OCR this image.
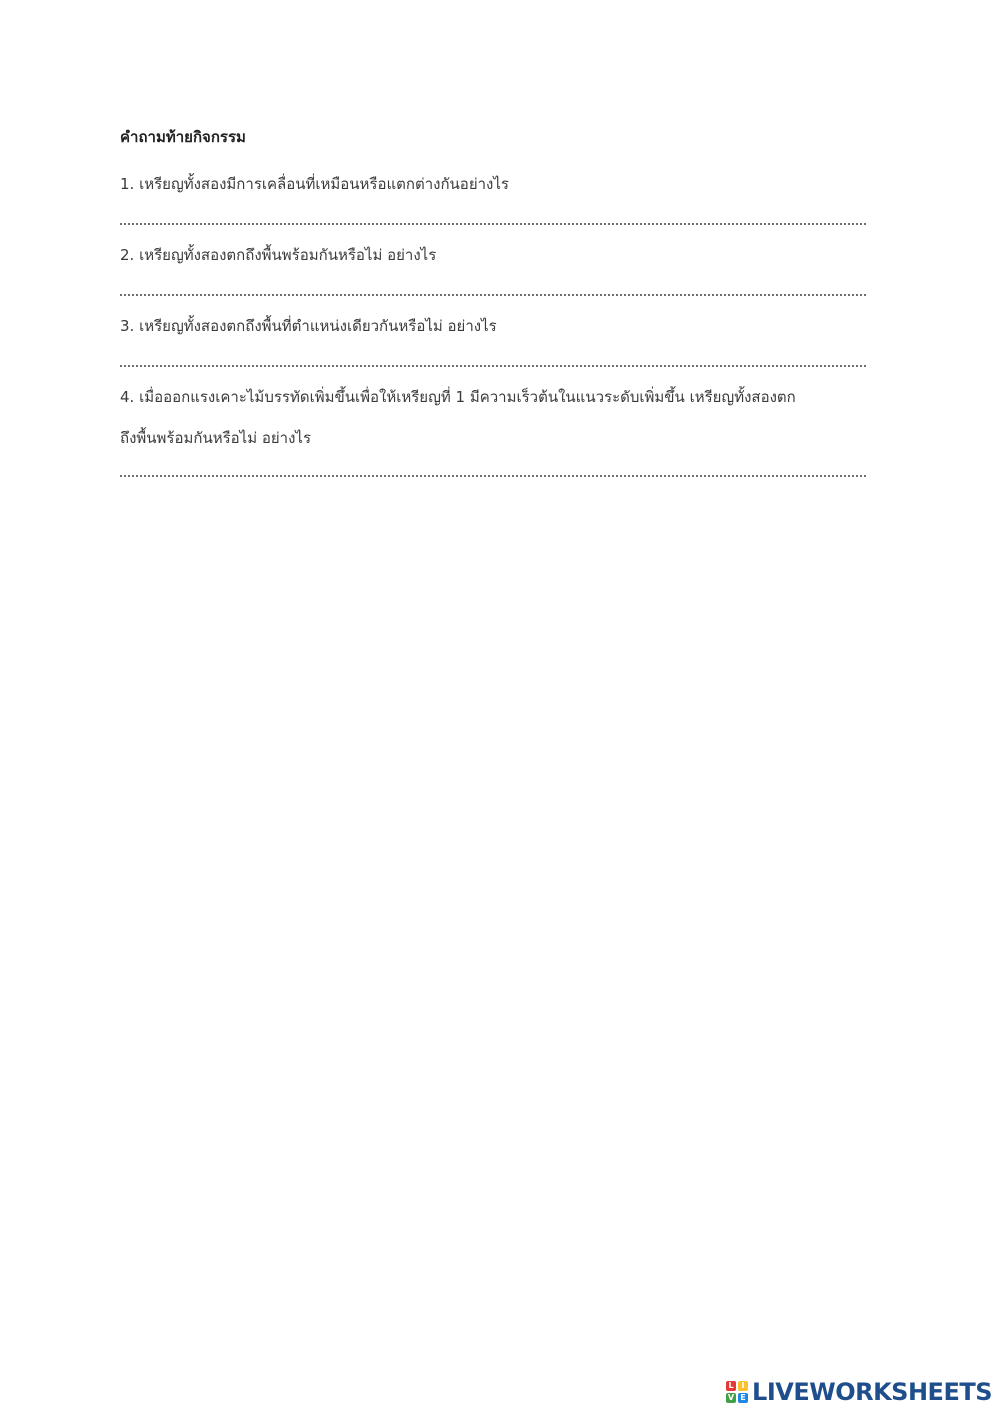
คำถามท้ายกิจกรรม

1. เหรียญทั้งสองมีการเคลื่อนที่เหมือนหรือแตกต่างกันอย่างไร

2. เหรียญทั้งสองตกถึงพื้นพร้อมกันหรือไม่ อย่างไร

3. เหรียญทั้งสองตกถึงพื้นที่ตำแหน่งเดียวกันหรือไม่ อย่างไร

4. เมื่อออกแรงเคาะไม้บรรทัดเพิ่มขึ้นเพื่อให้เหรียญที่ 1 มีความเร็วต้นในแนวระดับเพิ่มขึ้น เหรียญทั้งสองตก

ถึงพื้นพร้อมกันหรือไม่ อย่างไร

L I
V E LIVEWORKSHEETS
